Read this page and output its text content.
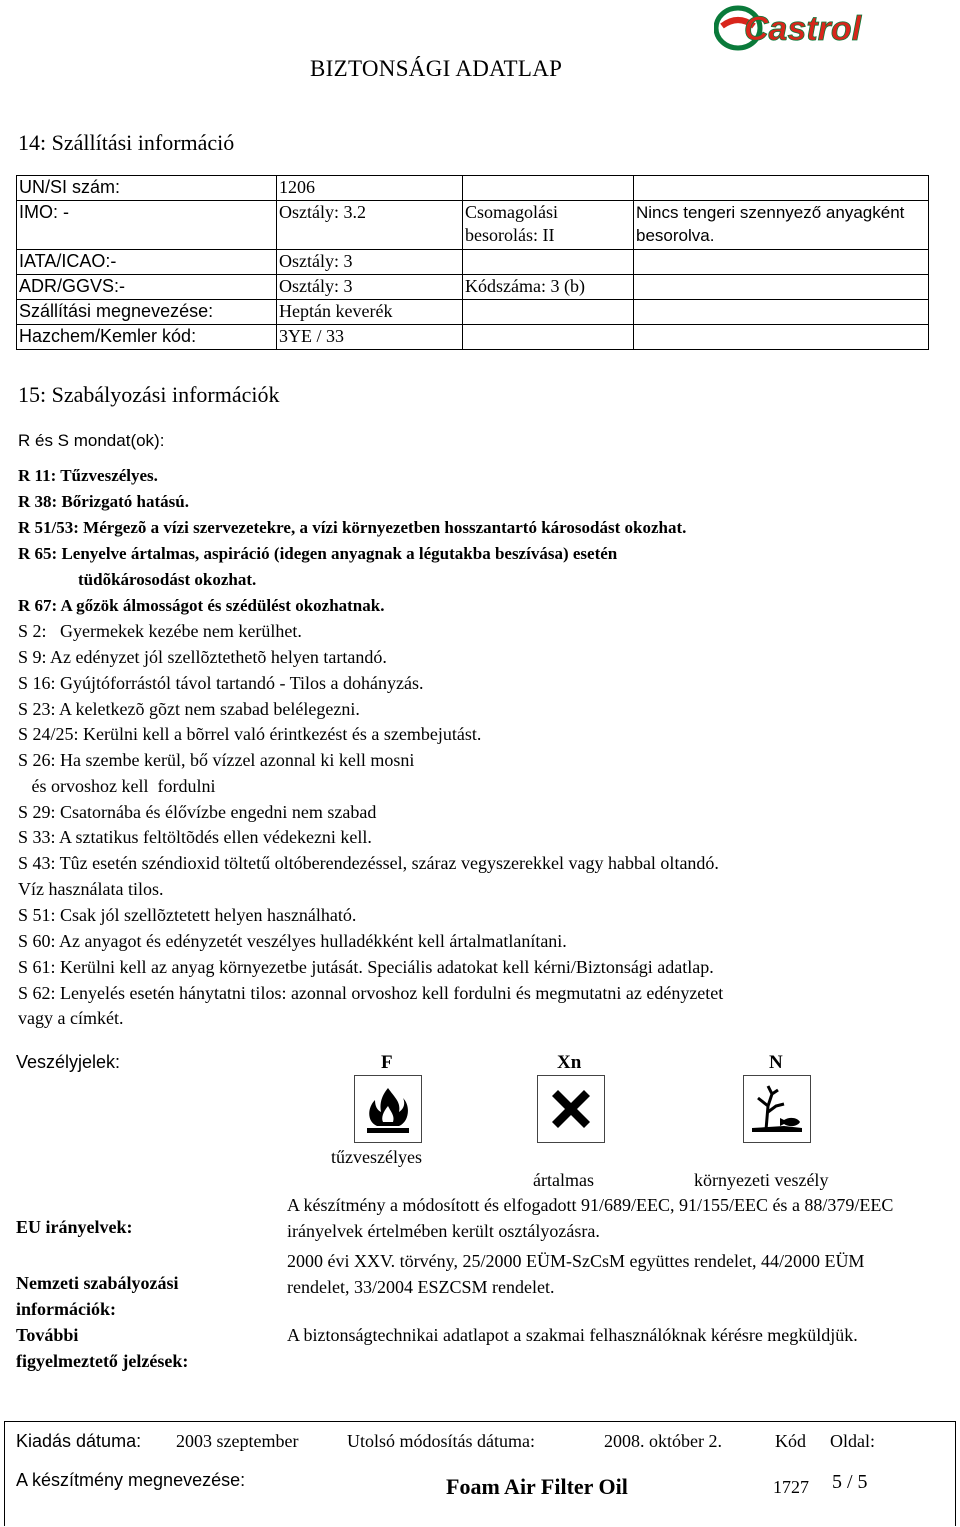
BIZTONSÁGI ADATLAP
Castrol
14: Szállítási információ
UN/SI szám:	1206		
IMO: -	Osztály: 3.2	Csomagolási besorolás: II	Nincs tengeri szennyező anyagként besorolva.
IATA/ICAO:-	Osztály: 3		
ADR/GGVS:-	Osztály: 3	Kódszáma: 3 (b)	
Szállítási megnevezése:	Heptán keverék		
Hazchem/Kemler kód:	3YE / 33		
15: Szabályozási információk
R és S mondat(ok):
R 11: Tűzveszélyes.
R 38: Bőrizgató hatású.
R 51/53: Mérgezõ a vízi szervezetekre, a vízi környezetben hosszantartó károsodást okozhat.
R 65: Lenyelve ártalmas, aspiráció (idegen anyagnak a légutakba beszívása) esetén
tüdõkárosodást okozhat.
R 67: A gőzök álmosságot és szédülést okozhatnak.
S 2:   Gyermekek kezébe nem kerülhet.
S 9: Az edényzet jól szellõztethetõ helyen tartandó.
S 16: Gyújtóforrástól távol tartandó - Tilos a dohányzás.
S 23: A keletkezõ gõzt nem szabad belélegezni.
S 24/25: Kerülni kell a bõrrel való érintkezést és a szembejutást.
S 26: Ha szembe kerül, bő vízzel azonnal ki kell mosni
és orvoshoz kell  fordulni
S 29: Csatornába és élővízbe engedni nem szabad
S 33: A sztatikus feltöltõdés ellen védekezni kell.
S 43: Tûz esetén széndioxid töltetű oltóberendezéssel, száraz vegyszerekkel vagy habbal oltandó.
Víz használata tilos.
S 51: Csak jól szellõztetett helyen használható.
S 60: Az anyagot és edényzetét veszélyes hulladékként kell ártalmatlanítani.
S 61: Kerülni kell az anyag környezetbe jutását. Speciális adatokat kell kérni/Biztonsági adatlap.
S 62: Lenyelés esetén hánytatni tilos: azonnal orvoshoz kell fordulni és megmutatni az edényzetet
vagy a címkét.
Veszélyjelek:	F	Xn	N
tűzveszélyes
ártalmas	környezeti veszély
EU irányelvek:
A készítmény a módosított és elfogadott 91/689/EEC, 91/155/EEC és a 88/379/EEC irányelvek értelmében került osztályozásra.
Nemzeti szabályozási
információk:
2000 évi XXV. törvény, 25/2000 EÜM-SzCsM együttes rendelet, 44/2000 EÜM rendelet, 33/2004 ESZCSM rendelet.
További
figyelmeztető jelzések:
A biztonságtechnikai adatlapot a szakmai felhasználóknak kérésre megküldjük.
Kiadás dátuma: 2003 szeptember	Utolsó módosítás dátuma:	2008. október 2.	Kód Oldal:
A készítmény megnevezése:	Foam Air Filter Oil	1727 5 / 5
